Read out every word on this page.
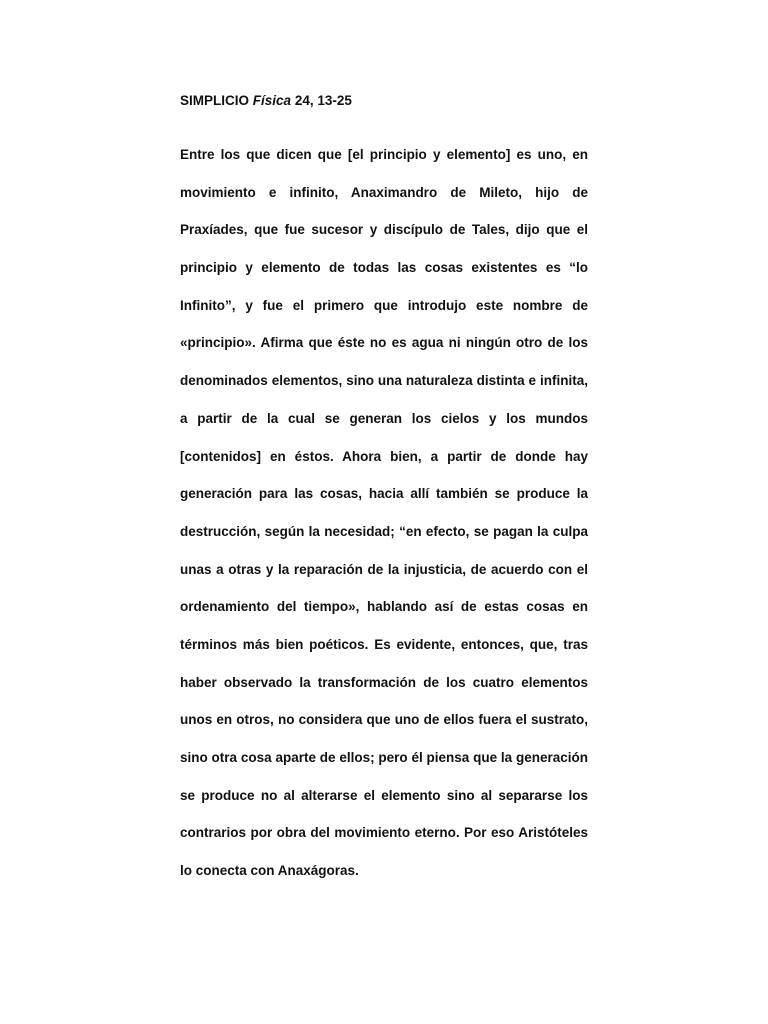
SIMPLICIO Física 24, 13-25
Entre los que dicen que [el principio y elemento] es uno, en
movimiento e infinito, Anaximandro de Mileto, hijo de
Praxíades, que fue sucesor y discípulo de Tales, dijo que el
principio y elemento de todas las cosas existentes es “lo
Infinito”, y fue el primero que introdujo este nombre de
«principio». Afirma que éste no es agua ni ningún otro de los
denominados elementos, sino una naturaleza distinta e infinita,
a partir de la cual se generan los cielos y los mundos
[contenidos] en éstos. Ahora bien, a partir de donde hay
generación para las cosas, hacia allí también se produce la
destrucción, según la necesidad; “en efecto, se pagan la culpa
unas a otras y la reparación de la injusticia, de acuerdo con el
ordenamiento del tiempo», hablando así de estas cosas en
términos más bien poéticos. Es evidente, entonces, que, tras
haber observado la transformación de los cuatro elementos
unos en otros, no considera que uno de ellos fuera el sustrato,
sino otra cosa aparte de ellos; pero él piensa que la generación
se produce no al alterarse el elemento sino al separarse los
contrarios por obra del movimiento eterno. Por eso Aristóteles
lo conecta con Anaxágoras.
